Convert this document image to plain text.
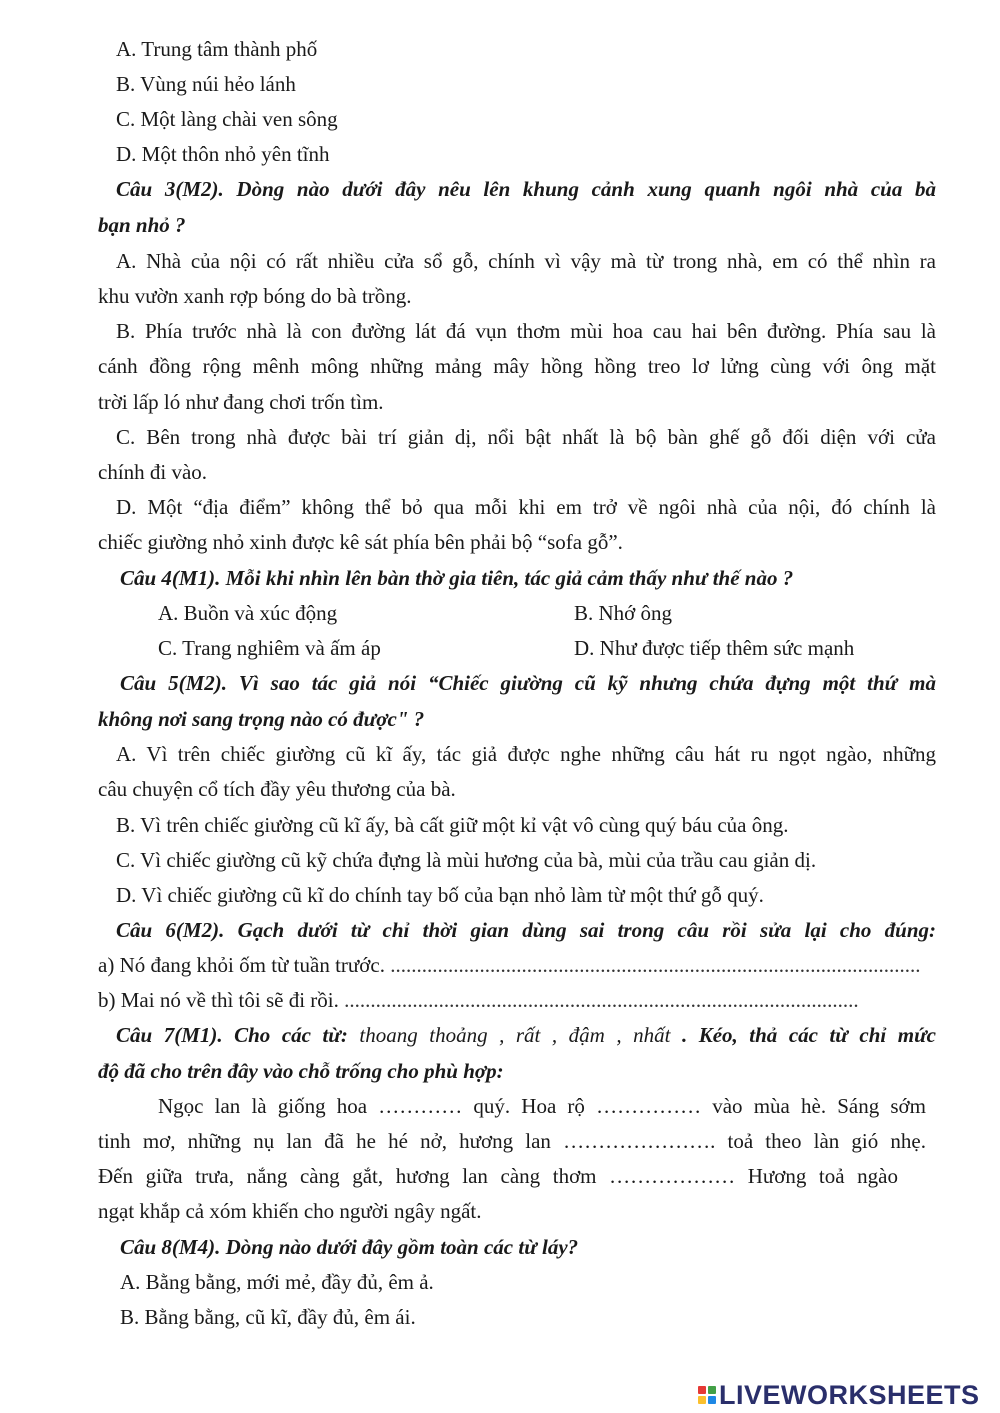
A. Trung tâm thành phố
B. Vùng núi hẻo lánh
C. Một làng chài ven sông
D. Một thôn nhỏ yên tĩnh
Câu 3(M2). Dòng nào dưới đây nêu lên khung cảnh xung quanh ngôi nhà của bà
bạn nhỏ ?
A. Nhà của nội có rất nhiều cửa sổ gỗ, chính vì vậy mà từ trong nhà, em có thể nhìn ra
khu vườn xanh rợp bóng do bà trồng.
B. Phía trước nhà là con đường lát đá vụn thơm mùi hoa cau hai bên đường. Phía sau là
cánh đồng rộng mênh mông những mảng mây hồng hồng treo lơ lửng cùng với ông mặt
trời lấp ló như đang chơi trốn tìm.
C. Bên trong nhà được bài trí giản dị, nổi bật nhất là bộ bàn ghế gỗ đối diện với cửa
chính đi vào.
D. Một “địa điểm” không thể bỏ qua mỗi khi em trở về ngôi nhà của nội, đó chính là
chiếc giường nhỏ xinh được kê sát phía bên phải bộ “sofa gỗ”.
Câu 4(M1). Mỗi khi nhìn lên bàn thờ gia tiên, tác giả cảm thấy như thế nào ?
A. Buồn và xúc động	B. Nhớ ông
C. Trang nghiêm và ấm áp	D. Như được tiếp thêm sức mạnh
Câu 5(M2). Vì sao tác giả nói “Chiếc giường cũ kỹ nhưng chứa đựng một thứ mà
không nơi sang trọng nào có được" ?
A. Vì trên chiếc giường cũ kĩ ấy, tác giả được nghe những câu hát ru ngọt ngào, những
câu chuyện cổ tích đầy yêu thương của bà.
B. Vì trên chiếc giường cũ kĩ ấy, bà cất giữ một kỉ vật vô cùng quý báu của ông.
C. Vì chiếc giường cũ kỹ chứa đựng là mùi hương của bà, mùi của trầu cau giản dị.
D. Vì chiếc giường cũ kĩ do chính tay bố của bạn nhỏ làm từ một thứ gỗ quý.
Câu 6(M2). Gạch dưới từ chỉ thời gian dùng sai trong câu rồi sửa lại cho đúng:
a) Nó đang khỏi ốm từ tuần trước. .....................................................................................................
b) Mai nó về thì tôi sẽ đi rồi. ..................................................................................................
Câu 7(M1). Cho các từ: thoang thoảng , rất , đậm , nhất . Kéo, thả các từ chỉ mức
độ đã cho trên đây vào chỗ trống cho phù hợp:
Ngọc lan là giống hoa ………… quý. Hoa rộ …………… vào mùa hè. Sáng sớm
tinh mơ, những nụ lan đã he hé nở, hương lan …………………. toả theo làn gió nhẹ.
Đến giữa trưa, nắng càng gắt, hương lan càng thơm ……………… Hương toả ngào
ngạt khắp cả xóm khiến cho người ngây ngất.
Câu 8(M4). Dòng nào dưới đây gồm toàn các từ láy?
A. Bằng bằng, mới mẻ, đầy đủ, êm ả.
B. Bằng bằng, cũ kĩ, đầy đủ, êm ái.
LIVEWORKSHEETS
